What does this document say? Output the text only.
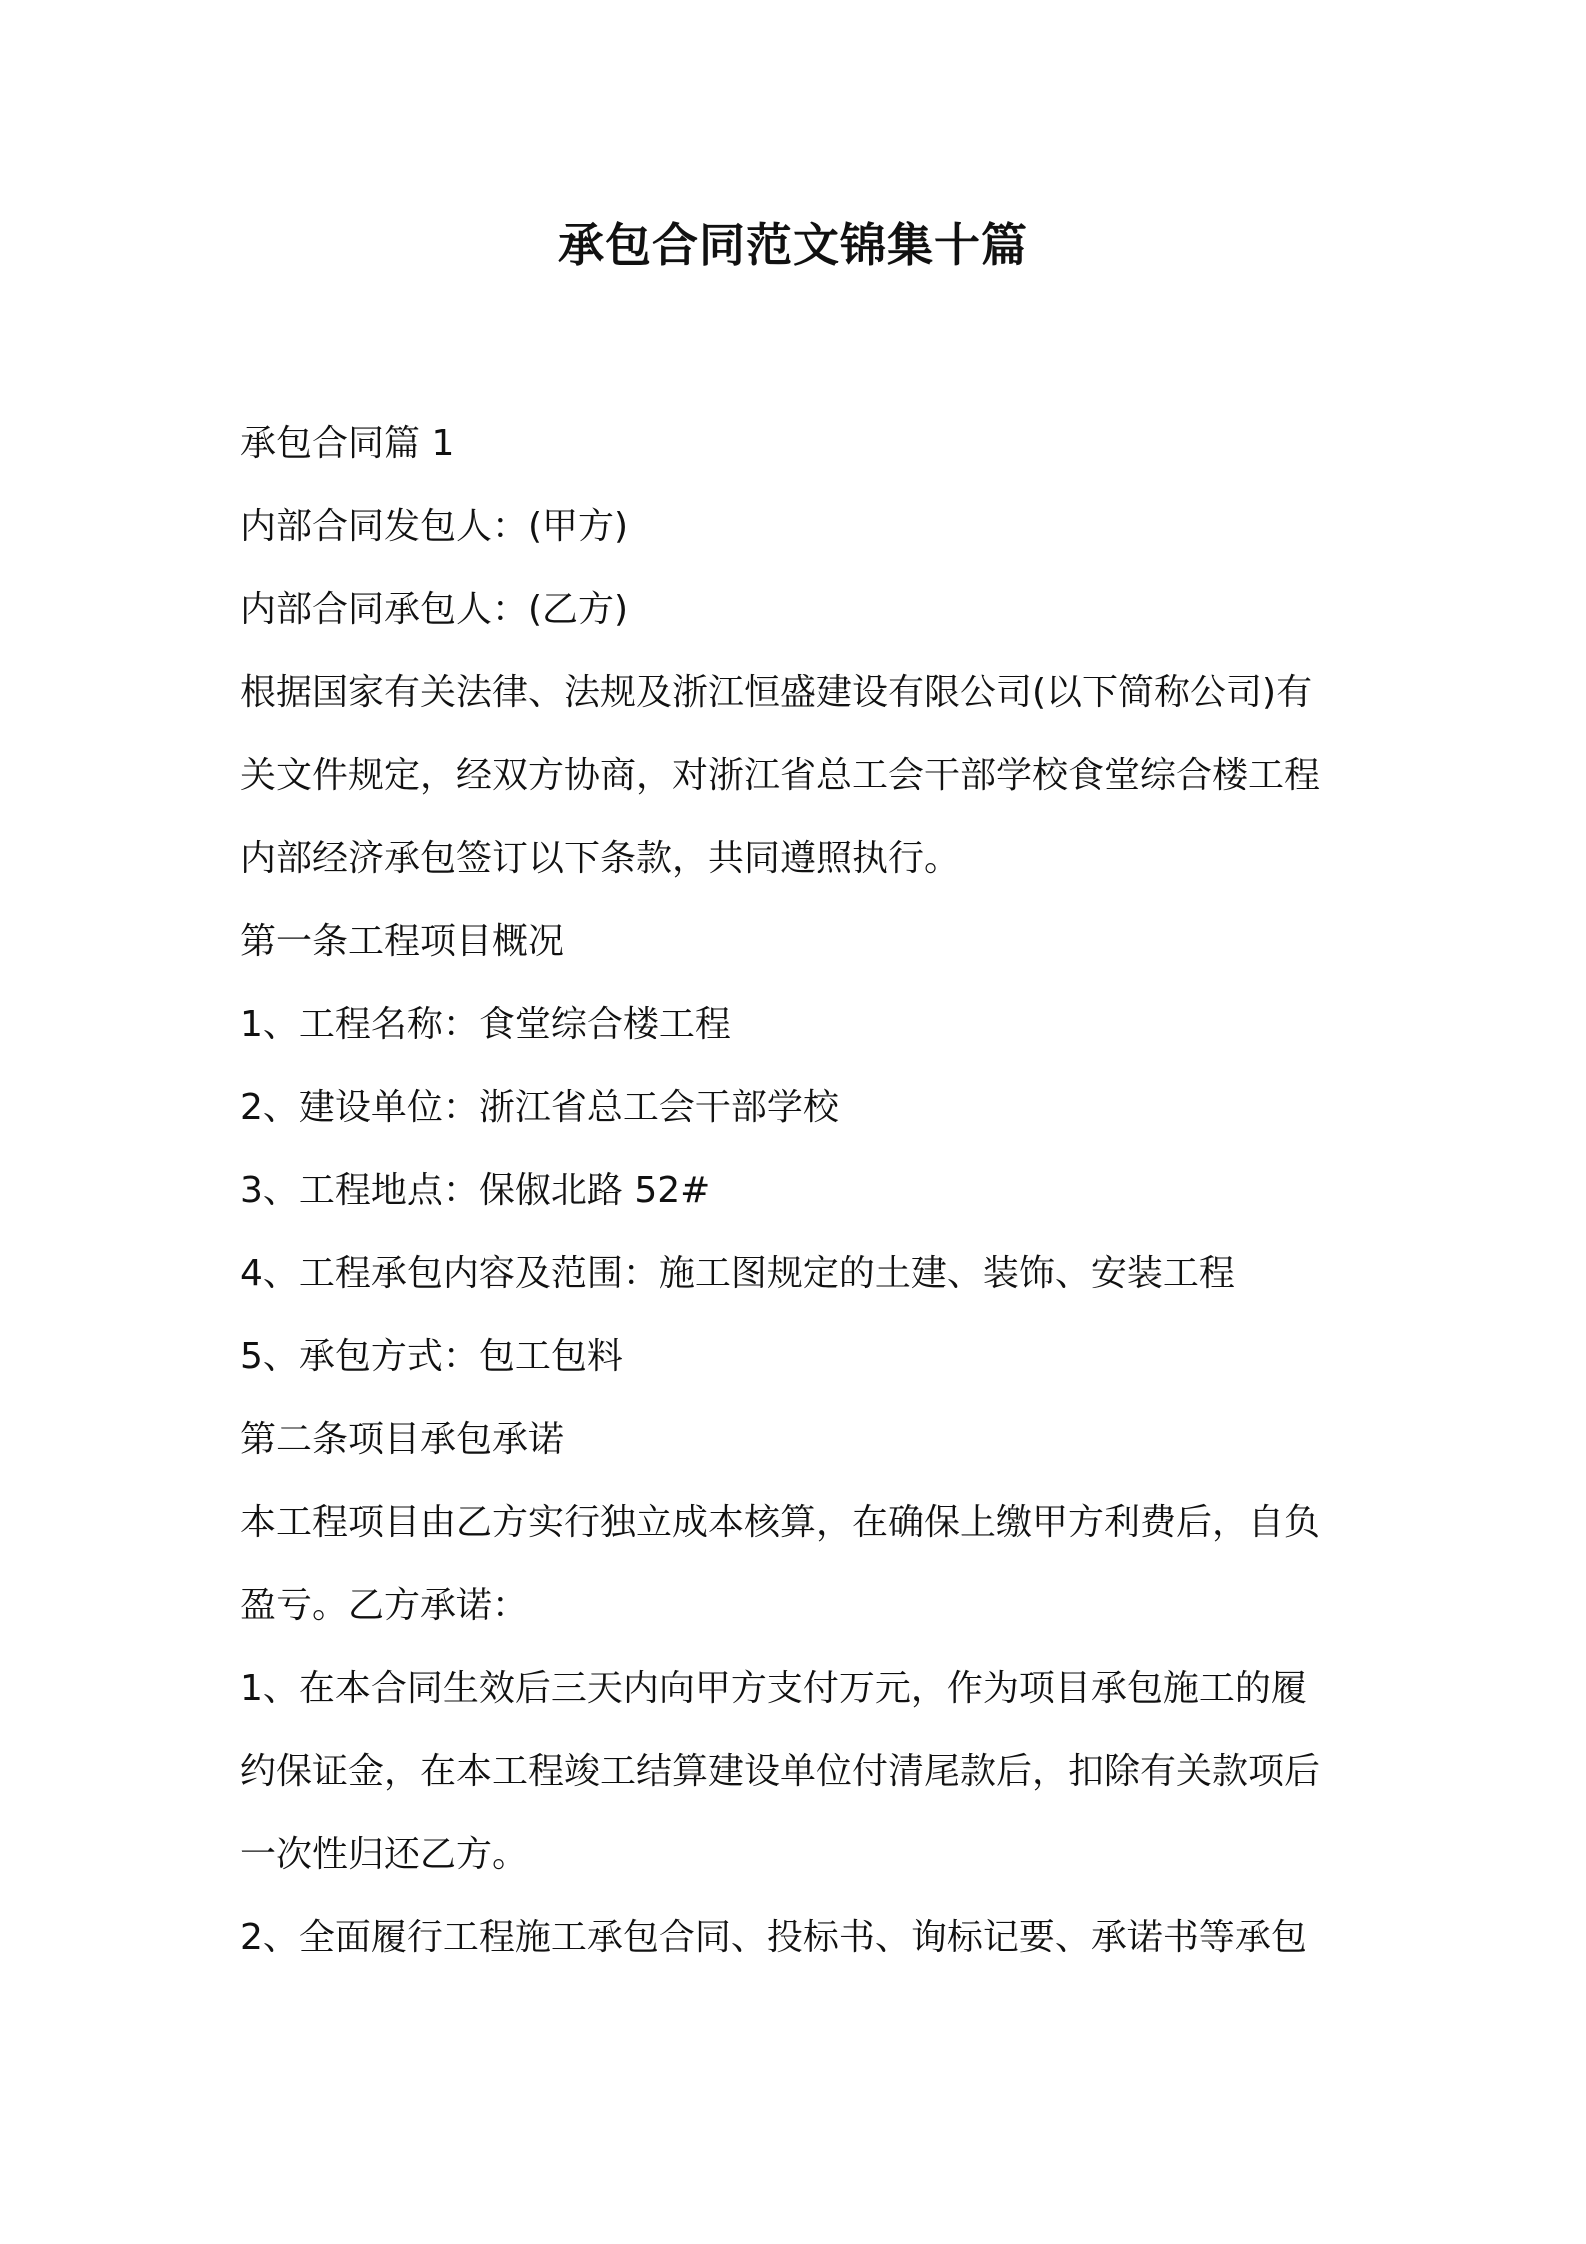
承包合同范文锦集十篇
承包合同篇 1
内部合同发包人：(甲方)
内部合同承包人：(乙方)
根据国家有关法律、法规及浙江恒盛建设有限公司(以下简称公司)有
关文件规定，经双方协商，对浙江省总工会干部学校食堂综合楼工程
内部经济承包签订以下条款，共同遵照执行。
第一条工程项目概况
1、工程名称：食堂综合楼工程
2、建设单位：浙江省总工会干部学校
3、工程地点：保俶北路 52#
4、工程承包内容及范围：施工图规定的土建、装饰、安装工程
5、承包方式：包工包料
第二条项目承包承诺
本工程项目由乙方实行独立成本核算，在确保上缴甲方利费后，自负
盈亏。乙方承诺：
1、在本合同生效后三天内向甲方支付万元，作为项目承包施工的履
约保证金，在本工程竣工结算建设单位付清尾款后，扣除有关款项后
一次性归还乙方。
2、全面履行工程施工承包合同、投标书、询标记要、承诺书等承包
